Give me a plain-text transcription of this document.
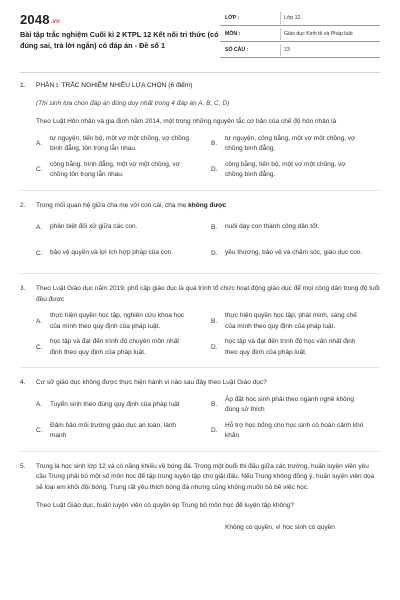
2048.vn
Bài tập trắc nghiệm Cuối kì 2 KTPL 12 Kết nối tri thức (có đúng sai, trả lời ngắn) có đáp án - Đề số 1
LỚP :	Lớp 12
MÔN :	Giáo dục Kinh tế và Pháp luật
SỐ CÂU :	23
1. PHẦN I. TRẮC NGHIỆM NHIỀU LỰA CHỌN (6 điểm)
(Thí sinh lựa chọn đáp án đúng duy nhất trong 4 đáp án A, B, C, D)
Theo Luật Hôn nhân và gia đình năm 2014, một trong những nguyên tắc cơ bản của chế độ hôn nhân là
A.
tự nguyện, tiến bộ, một vợ một chồng, vợ chồng bình đẳng, tôn trọng lẫn nhau.
B.
tự nguyện, công bằng, một vợ một chồng, vợ chồng bình đẳng.
C.
công bằng, bình đẳng, một vợ một chồng, vợ chồng tôn trọng lẫn nhau.
D.
công bằng, tiến bộ, một vợ một chồng, vợ chồng bình đẳng.
2. Trong mối quan hệ giữa cha mẹ với con cái, cha mẹ không được
A. phân biệt đối xử giữa các con.	B. nuôi dạy con thành công dân tốt.
C. bảo vệ quyền và lợi ích hợp pháp của con.	D. yêu thương, bảo vệ và chăm sóc, giáo dục con.
3. Theo Luật Giáo dục năm 2019, phổ cập giáo dục là quá trình tổ chức hoạt động giáo dục để mọi công dân trong độ tuổi đều được
A.
thực hiện quyền học tập, nghiên cứu khoa học của mình theo quy định của pháp luật.
B.
thực hiện quyền học tập, phát minh, sáng chế của mình theo quy định của pháp luật.
C.
học tập và đạt đến trình độ chuyên môn nhất định theo quy định của pháp luật.
D.
học tập và đạt đến trình độ học vấn nhất định theo quy định của pháp luật.
4. Cơ sở giáo dục không được thực hiện hành vi nào sau đây theo Luật Giáo dục?
A. Tuyển sinh theo đúng quy định của pháp luật	B.
Áp đặt học sinh phải theo ngành nghề không đúng sở thích
C.
Đảm bảo môi trường giáo dục an toàn, lành mạnh
D.
Hỗ trợ học bổng cho học sinh có hoàn cảnh khó khăn
5. Trung là học sinh lớp 12 và có năng khiếu về bóng đá. Trong một buổi thi đấu giữa các trường, huấn luyện viên yêu cầu Trung phải bỏ một số môn học để tập trung luyện tập cho giải đấu. Nếu Trung không đồng ý, huấn luyện viên dọa sẽ loại em khỏi đội bóng. Trung rất yêu thích bóng đá nhưng cũng không muốn bỏ bê việc học.
Theo Luật Giáo dục, huấn luyện viên có quyền ép Trung bỏ môn học để luyện tập không?
Không có quyền, vì học sinh có quyền
